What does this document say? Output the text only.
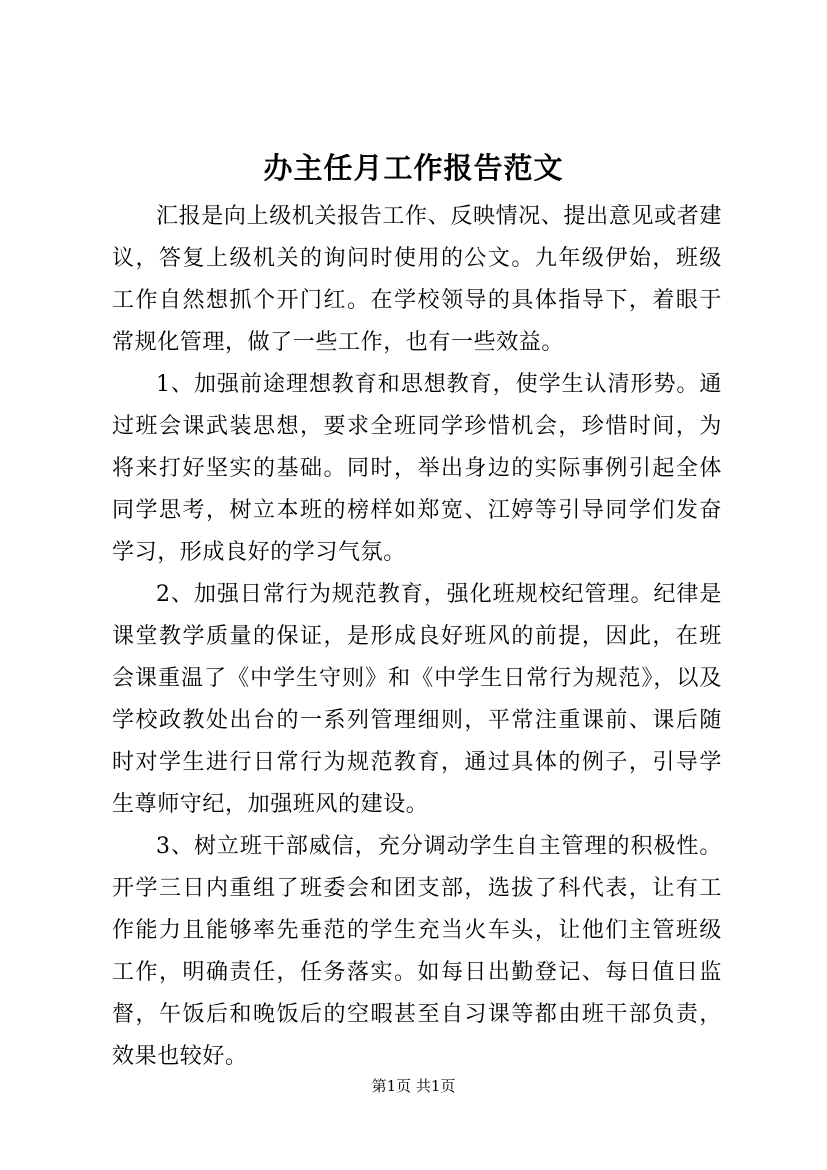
办主任月工作报告范文

汇报是向上级机关报告工作、反映情况、提出意见或者建议，答复上级机关的询问时使用的公文。九年级伊始，班级工作自然想抓个开门红。在学校领导的具体指导下，着眼于常规化管理，做了一些工作，也有一些效益。

1、加强前途理想教育和思想教育，使学生认清形势。通过班会课武装思想，要求全班同学珍惜机会，珍惜时间，为将来打好坚实的基础。同时，举出身边的实际事例引起全体同学思考，树立本班的榜样如郑宽、江婷等引导同学们发奋学习，形成良好的学习气氛。

2、加强日常行为规范教育，强化班规校纪管理。纪律是课堂教学质量的保证，是形成良好班风的前提，因此，在班会课重温了《中学生守则》和《中学生日常行为规范》，以及学校政教处出台的一系列管理细则，平常注重课前、课后随时对学生进行日常行为规范教育，通过具体的例子，引导学生尊师守纪，加强班风的建设。

3、树立班干部威信，充分调动学生自主管理的积极性。开学三日内重组了班委会和团支部，选拔了科代表，让有工作能力且能够率先垂范的学生充当火车头，让他们主管班级工作，明确责任，任务落实。如每日出勤登记、每日值日监督，午饭后和晚饭后的空暇甚至自习课等都由班干部负责，效果也较好。

第1页 共1页
